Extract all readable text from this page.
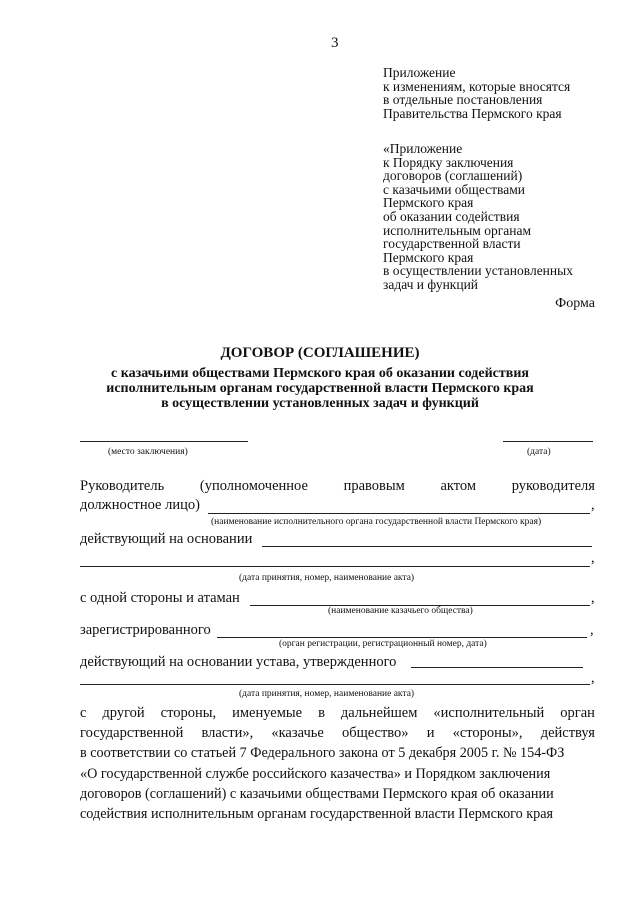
3
Приложение
к изменениям, которые вносятся
в отдельные постановления
Правительства Пермского края
«Приложение
к Порядку заключения
договоров (соглашений)
с казачьими обществами
Пермского края
об оказании содействия
исполнительным органам
государственной власти
Пермского края
в осуществлении установленных
задач и функций
Форма
ДОГОВОР (СОГЛАШЕНИЕ)
с казачьими обществами Пермского края об оказании содействия
исполнительным органам государственной власти Пермского края
в осуществлении установленных задач и функций
(место заключения)	(дата)
Руководитель (уполномоченное правовым актом руководителя
должностное лицо)	,
(наименование исполнительного органа государственной власти Пермского края)
действующий на основании
,
(дата принятия, номер, наименование акта)
с одной стороны и атаман	,
(наименование казачьего общества)
зарегистрированного	,
(орган регистрации, регистрационный номер, дата)
действующий на основании устава, утвержденного
,
(дата принятия, номер, наименование акта)
с другой стороны, именуемые в дальнейшем «исполнительный орган
государственной власти», «казачье общество» и «стороны», действуя
в соответствии со статьей 7 Федерального закона от 5 декабря 2005 г. № 154-ФЗ
«О государственной службе российского казачества» и Порядком заключения
договоров (соглашений) с казачьими обществами Пермского края об оказании
содействия исполнительным органам государственной власти Пермского края
